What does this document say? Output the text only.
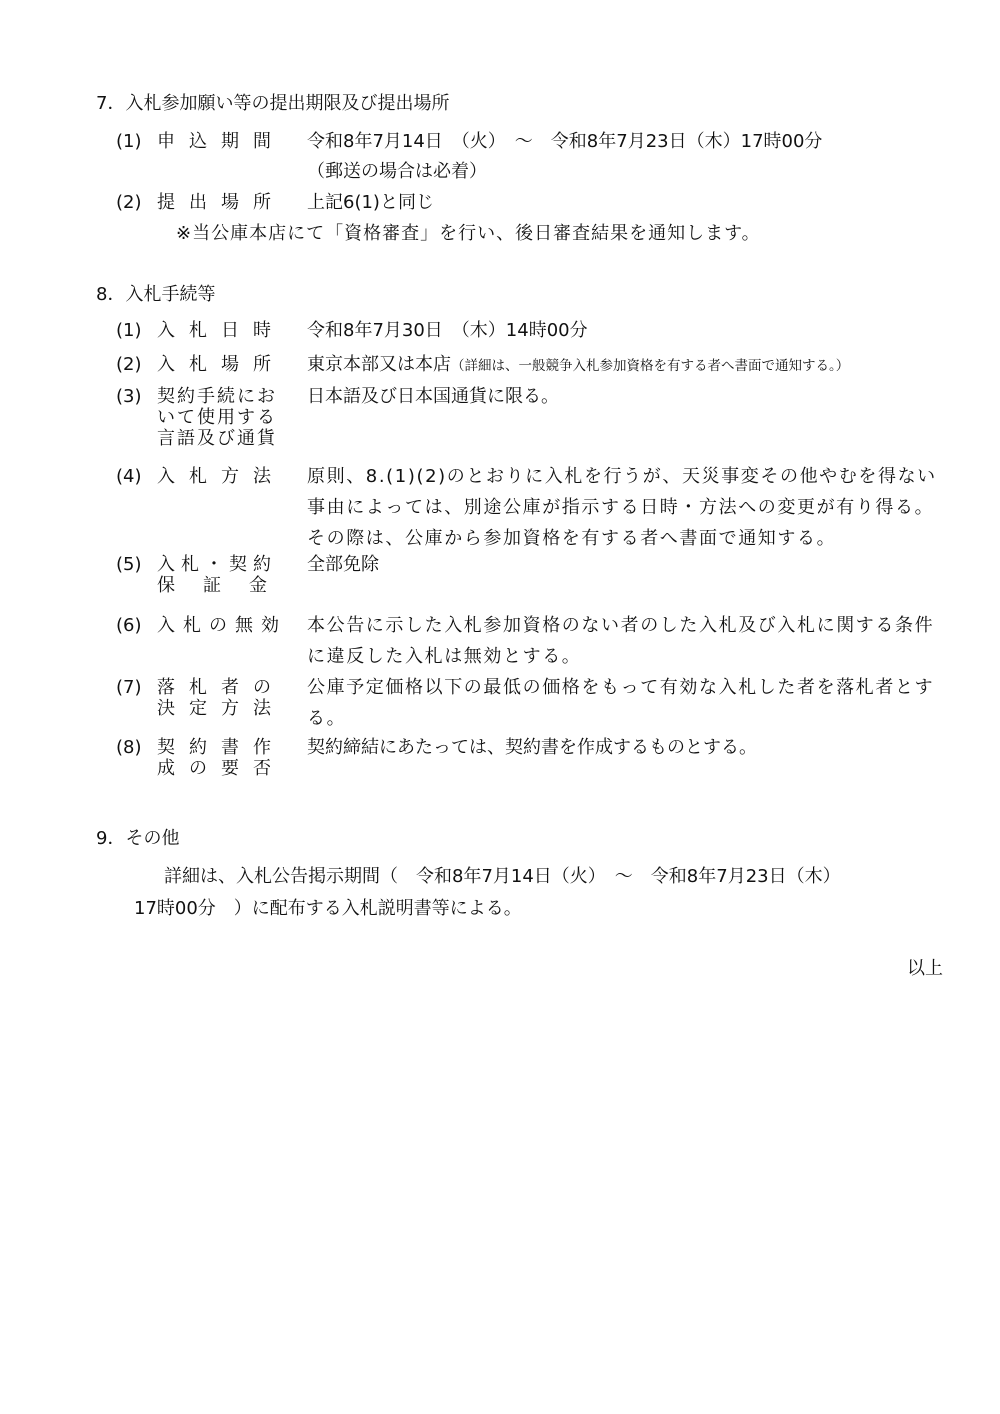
7．入札参加願い等の提出期限及び提出場所
(1) 申込期間 令和8年7月14日　（火）　～　令和8年7月23日（木）17時00分
（郵送の場合は必着）
(2) 提出場所 上記6(1)と同じ
※当公庫本店にて「資格審査」を行い、後日審査結果を通知します。
8．入札手続等
(1) 入札日時 令和8年7月30日　（木）14時00分
(2) 入札場所 東京本部又は本店（詳細は、一般競争入札参加資格を有する者へ書面で通知する。）
(3) 契約手続にお
いて使用する
言語及び通貨
日本語及び日本国通貨に限る。
(4) 入札方法 原則、8.(1)(2)のとおりに入札を行うが、天災事変その他やむを得ない事由によっては、別途公庫が指示する日時・方法への変更が有り得る。その際は、公庫から参加資格を有する者へ書面で通知する。
(5) 入札・契約
保証金
全部免除
(6) 入札の無効 本公告に示した入札参加資格のない者のした入札及び入札に関する条件に違反した入札は無効とする。
(7) 落札者の
決定方法
公庫予定価格以下の最低の価格をもって有効な入札した者を落札者とする。
(8) 契約書作
成の要否
契約締結にあたっては、契約書を作成するものとする。
9．その他
詳細は、入札公告掲示期間（　令和8年7月14日（火）　～　令和8年7月23日（木）
17時00分　）に配布する入札説明書等による。
以上
